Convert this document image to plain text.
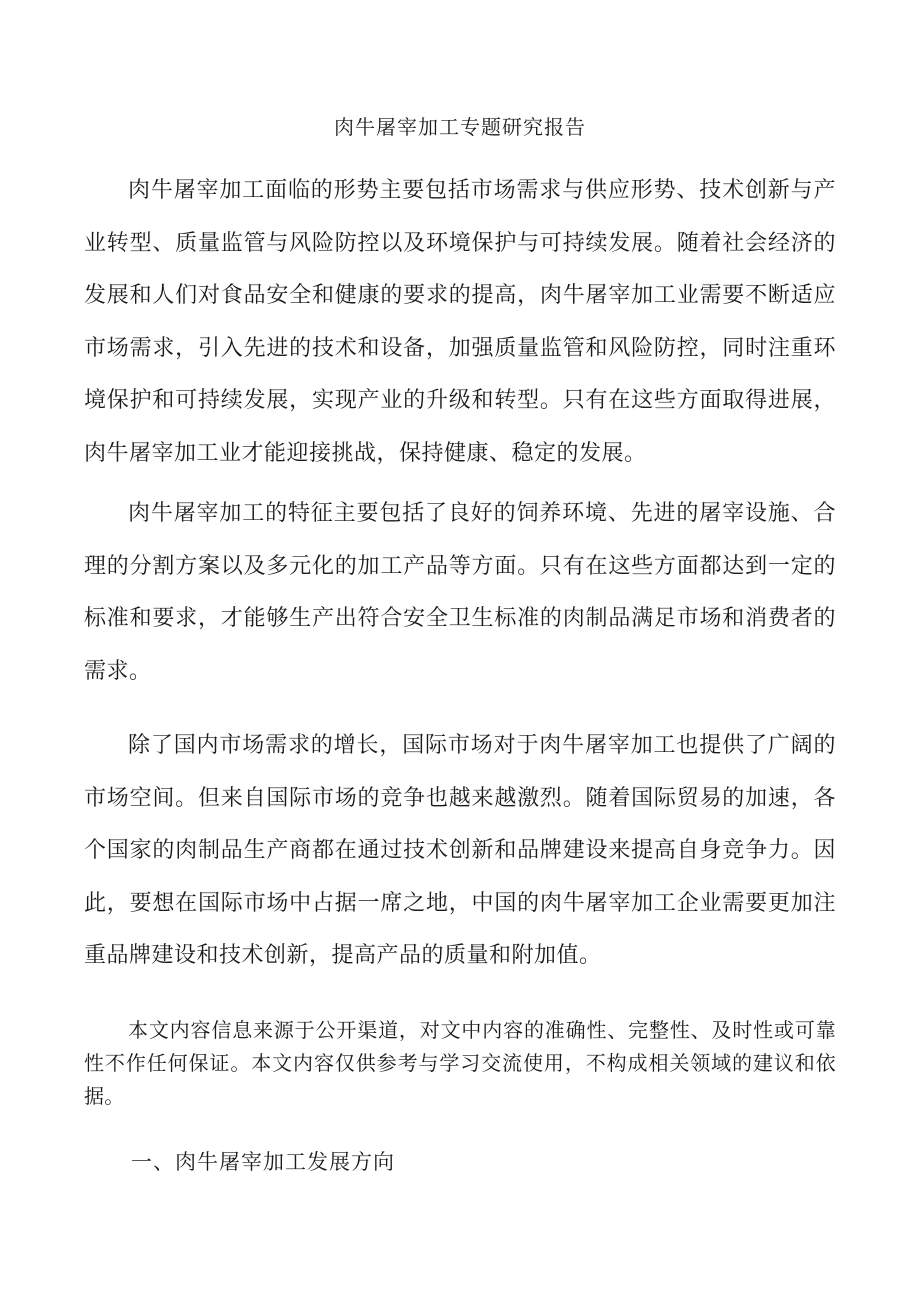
肉牛屠宰加工专题研究报告

肉牛屠宰加工面临的形势主要包括市场需求与供应形势、技术创新与产业转型、质量监管与风险防控以及环境保护与可持续发展。随着社会经济的发展和人们对食品安全和健康的要求的提高，肉牛屠宰加工业需要不断适应市场需求，引入先进的技术和设备，加强质量监管和风险防控，同时注重环境保护和可持续发展，实现产业的升级和转型。只有在这些方面取得进展，肉牛屠宰加工业才能迎接挑战，保持健康、稳定的发展。

肉牛屠宰加工的特征主要包括了良好的饲养环境、先进的屠宰设施、合理的分割方案以及多元化的加工产品等方面。只有在这些方面都达到一定的标准和要求，才能够生产出符合安全卫生标准的肉制品满足市场和消费者的需求。

除了国内市场需求的增长，国际市场对于肉牛屠宰加工也提供了广阔的市场空间。但来自国际市场的竞争也越来越激烈。随着国际贸易的加速，各个国家的肉制品生产商都在通过技术创新和品牌建设来提高自身竞争力。因此，要想在国际市场中占据一席之地，中国的肉牛屠宰加工企业需要更加注重品牌建设和技术创新，提高产品的质量和附加值。

本文内容信息来源于公开渠道，对文中内容的准确性、完整性、及时性或可靠性不作任何保证。本文内容仅供参考与学习交流使用，不构成相关领域的建议和依据。

一、肉牛屠宰加工发展方向
